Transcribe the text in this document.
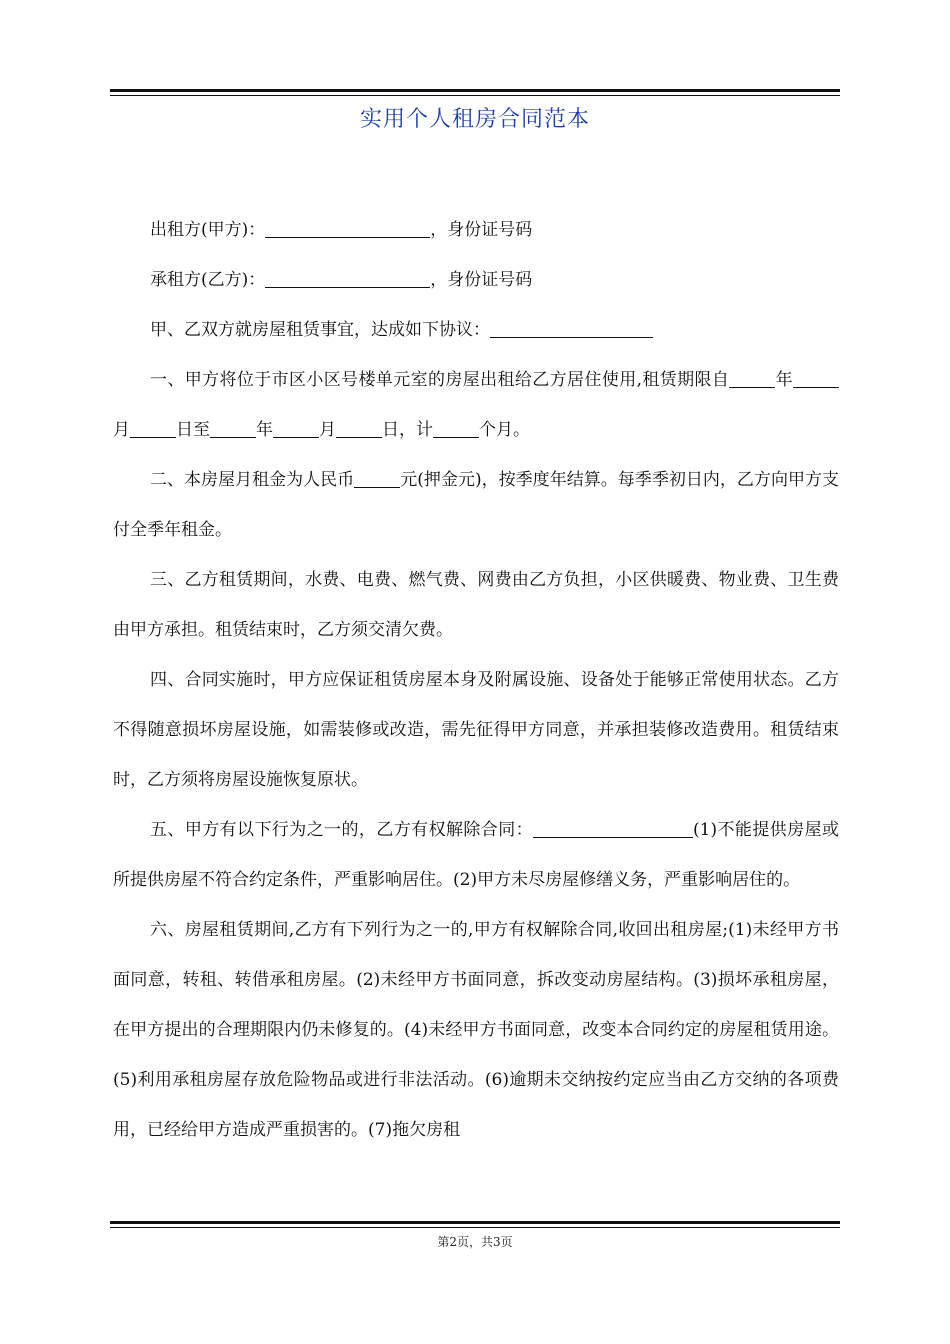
实用个人租房合同范本

出租方(甲方)：	，身份证号码

承租方(乙方)：	，身份证号码

甲、乙双方就房屋租赁事宜，达成如下协议：

一、甲方将位于市区小区号楼单元室的房屋出租给乙方居住使用,租赁期限自	年月	日至	年	月	日，计	个月。

二、本房屋月租金为人民币	元(押金元)，按季度年结算。每季季初日内，乙方向甲方支付全季年租金。

三、乙方租赁期间，水费、电费、燃气费、网费由乙方负担，小区供暖费、物业费、卫生费由甲方承担。租赁结束时，乙方须交清欠费。

四、合同实施时，甲方应保证租赁房屋本身及附属设施、设备处于能够正常使用状态。乙方不得随意损坏房屋设施，如需装修或改造，需先征得甲方同意，并承担装修改造费用。租赁结束时，乙方须将房屋设施恢复原状。

五、甲方有以下行为之一的，乙方有权解除合同：	(1)不能提供房屋或所提供房屋不符合约定条件，严重影响居住。(2)甲方未尽房屋修缮义务，严重影响居住的。

六、房屋租赁期间,乙方有下列行为之一的,甲方有权解除合同,收回出租房屋;(1)未经甲方书面同意，转租、转借承租房屋。(2)未经甲方书面同意，拆改变动房屋结构。(3)损坏承租房屋，在甲方提出的合理期限内仍未修复的。(4)未经甲方书面同意，改变本合同约定的房屋租赁用途。(5)利用承租房屋存放危险物品或进行非法活动。(6)逾期未交纳按约定应当由乙方交纳的各项费用，已经给甲方造成严重损害的。(7)拖欠房租

第2页，共3页
